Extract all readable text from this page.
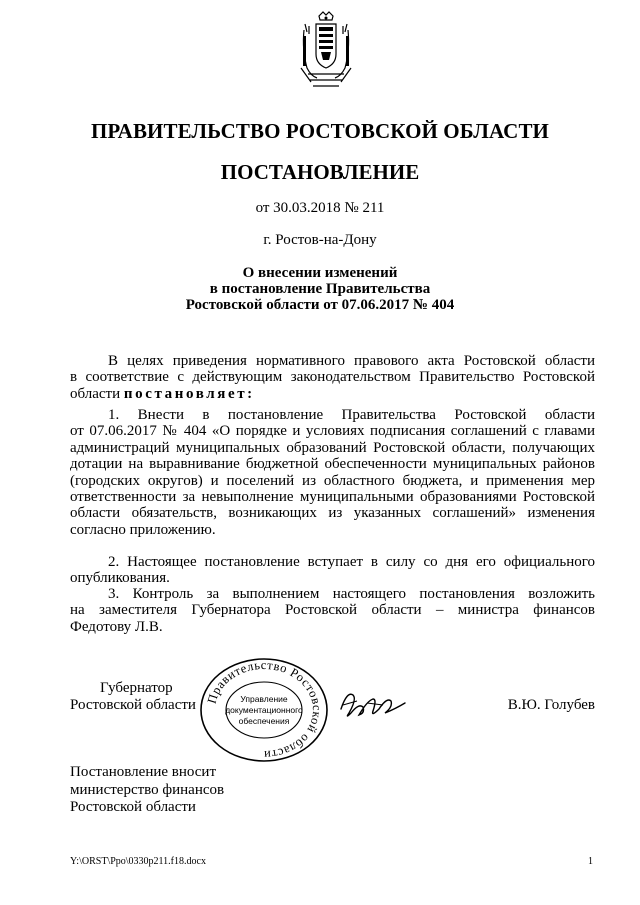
ПРАВИТЕЛЬСТВО РОСТОВСКОЙ ОБЛАСТИ
ПОСТАНОВЛЕНИЕ
от 30.03.2018 № 211
г. Ростов-на-Дону
О внесении изменений
в постановление Правительства
Ростовской области от 07.06.2017 № 404
В целях приведения нормативного правового акта Ростовской области
в соответствие с действующим законодательством Правительство Ростовской
области постановляет:
1. Внести в постановление Правительства Ростовской области
от 07.06.2017 № 404 «О порядке и условиях подписания соглашений с главами
администраций муниципальных образований Ростовской области, получающих
дотации на выравнивание бюджетной обеспеченности муниципальных районов
(городских округов) и поселений из областного бюджета, и применения мер
ответственности за невыполнение муниципальными образованиями Ростовской
области обязательств, возникающих из указанных соглашений» изменения
согласно приложению.
2. Настоящее постановление вступает в силу со дня его официального
опубликования.
3. Контроль за выполнением настоящего постановления возложить
на заместителя Губернатора Ростовской области – министра финансов
Федотову Л.В.
Губернатор
Ростовской области Правительство Ростовской области
Управление
документационного
обеспечения
В.Ю. Голубев
Постановление вносит
министерство финансов
Ростовской области
Y:\ORST\Ppo\0330p211.f18.docx	1
